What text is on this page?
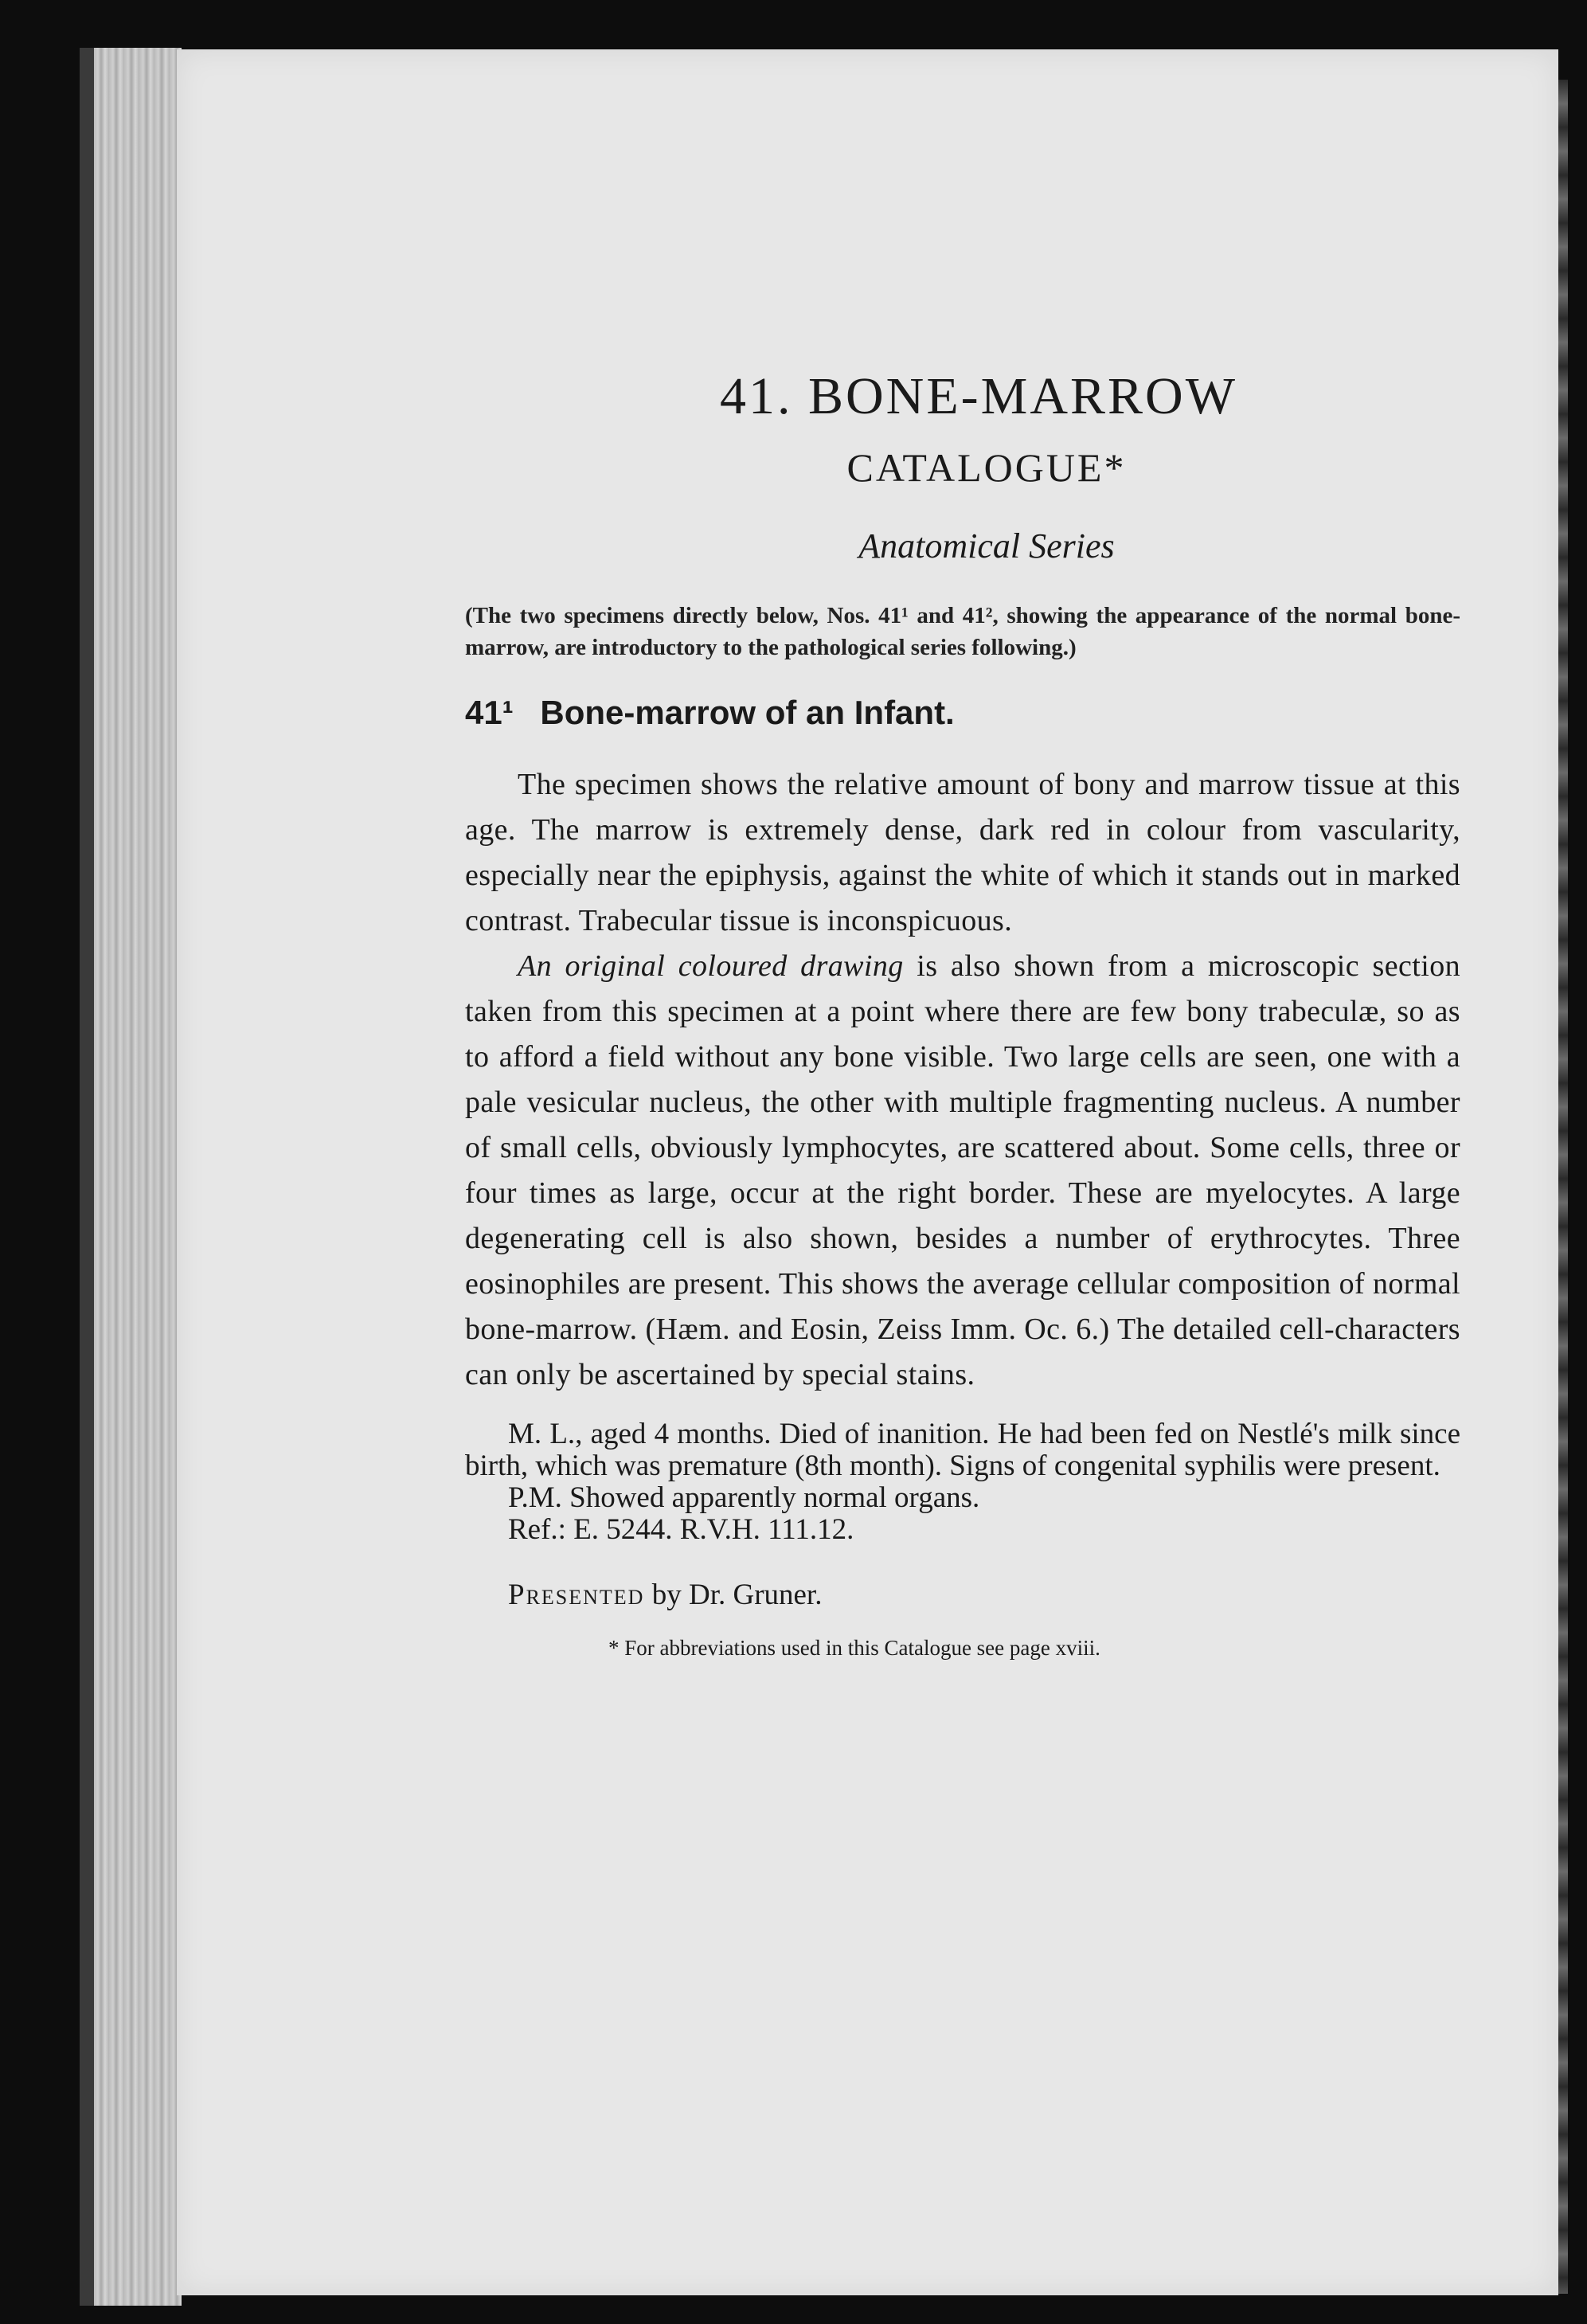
41. BONE-MARROW
CATALOGUE*
Anatomical Series

(The two specimens directly below, Nos. 41¹ and 41², showing the appearance of the normal bone-marrow, are introductory to the pathological series following.)

41¹ Bone-marrow of an Infant.

The specimen shows the relative amount of bony and marrow tissue at this age. The marrow is extremely dense, dark red in colour from vascularity, especially near the epiphysis, against the white of which it stands out in marked contrast. Trabecular tissue is inconspicuous.

An original coloured drawing is also shown from a microscopic section taken from this specimen at a point where there are few bony trabeculæ, so as to afford a field without any bone visible. Two large cells are seen, one with a pale vesicular nucleus, the other with multiple fragmenting nucleus. A number of small cells, obviously lymphocytes, are scattered about. Some cells, three or four times as large, occur at the right border. These are myelocytes. A large degenerating cell is also shown, besides a number of erythrocytes. Three eosinophiles are present. This shows the average cellular composition of normal bone-marrow. (Hæm. and Eosin, Zeiss Imm. Oc. 6.) The detailed cell-characters can only be ascertained by special stains.

M. L., aged 4 months. Died of inanition. He had been fed on Nestlé's milk since birth, which was premature (8th month). Signs of congenital syphilis were present.

P.M. Showed apparently normal organs.

Ref.: E. 5244. R.V.H. 111.12.

Presented by Dr. Gruner.
* For abbreviations used in this Catalogue see page xviii.
